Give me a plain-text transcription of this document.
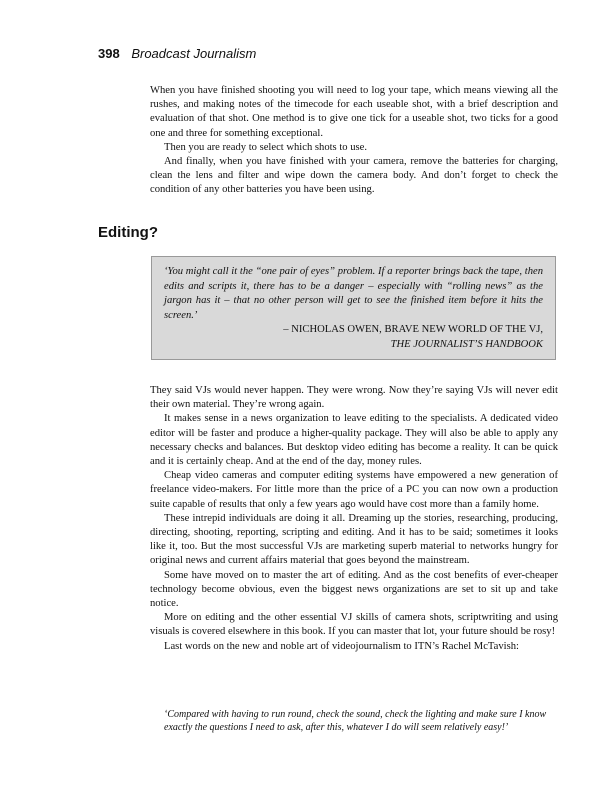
398 Broadcast Journalism

When you have finished shooting you will need to log your tape, which means viewing all the rushes, and making notes of the timecode for each useable shot, with a brief description and evaluation of that shot. One method is to give one tick for a useable shot, two ticks for a good one and three for something exceptional.

Then you are ready to select which shots to use.

And finally, when you have finished with your camera, remove the batteries for charging, clean the lens and filter and wipe down the camera body. And don’t forget to check the condition of any other batteries you have been using.

Editing?
‘You might call it the “one pair of eyes” problem. If a reporter brings back the tape, then edits and scripts it, there has to be a danger – especially with “rolling news” as the jargon has it – that no other person will get to see the finished item before it hits the screen.’
– NICHOLAS OWEN, BRAVE NEW WORLD OF THE VJ,
THE JOURNALIST’S HANDBOOK

They said VJs would never happen. They were wrong. Now they’re saying VJs will never edit their own material. They’re wrong again.

It makes sense in a news organization to leave editing to the specialists. A dedicated video editor will be faster and produce a higher-quality package. They will also be able to apply any necessary checks and balances. But desktop video editing has become a reality. It can be quick and it is certainly cheap. And at the end of the day, money rules.

Cheap video cameras and computer editing systems have empowered a new generation of freelance video-makers. For little more than the price of a PC you can now own a production suite capable of results that only a few years ago would have cost more than a family home.

These intrepid individuals are doing it all. Dreaming up the stories, researching, producing, directing, shooting, reporting, scripting and editing. And it has to be said; sometimes it looks like it, too. But the most successful VJs are marketing superb material to networks hungry for original news and current affairs material that goes beyond the mainstream.

Some have moved on to master the art of editing. And as the cost benefits of ever-cheaper technology become obvious, even the biggest news organizations are set to sit up and take notice.

More on editing and the other essential VJ skills of camera shots, scriptwriting and using visuals is covered elsewhere in this book. If you can master that lot, your future should be rosy!

Last words on the new and noble art of videojournalism to ITN’s Rachel McTavish:

‘Compared with having to run round, check the sound, check the lighting and make sure I know exactly the questions I need to ask, after this, whatever I do will seem relatively easy!’
